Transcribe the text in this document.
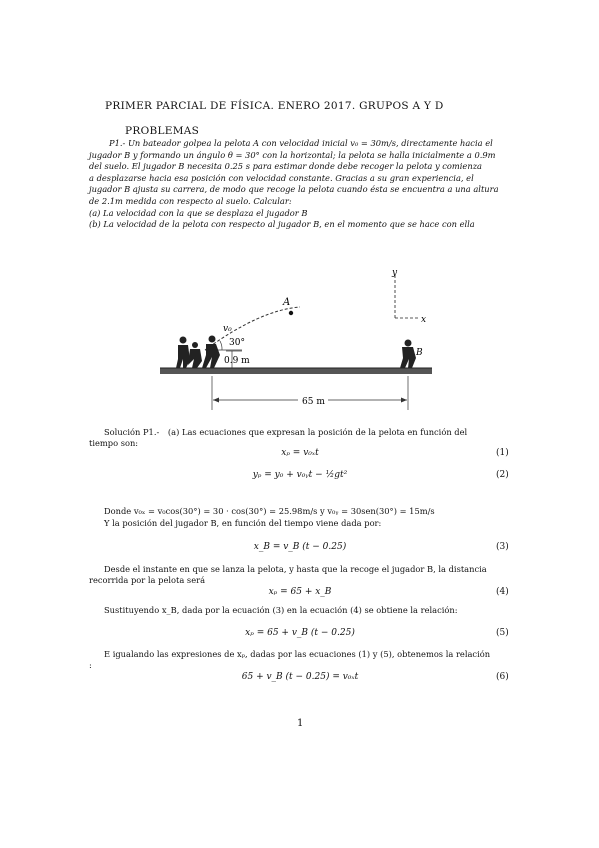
PRIMER PARCIAL DE FÍSICA. ENERO 2017. GRUPOS A Y D
PROBLEMAS
P1.- Un bateador golpea la pelota A con velocidad inicial v₀ = 30m/s, directamente hacia el
jugador B y formando un ángulo θ = 30° con la horizontal; la pelota se halla inicialmente a 0.9m
del suelo. El jugador B necesita 0.25 s para estimar donde debe recoger la pelota y comienza
a desplazarse hacia esa posición con velocidad constante. Gracias a su gran experiencia, el
jugador B ajusta su carrera, de modo que recoge la pelota cuando ésta se encuentra a una altura
de 2.1m medida con respecto al suelo. Calcular:
(a) La velocidad con la que se desplaza el jugador B
(b) La velocidad de la pelota con respecto al jugador B, en el momento que se hace con ella
A
v₀
30°
0.9 m
B
y
x
65 m
Solución P1.- (a) Las ecuaciones que expresan la posición de la pelota en función del
tiempo son:
xₚ = v₀ₓt	(1)
yₚ = y₀ + v₀ᵧt − ½gt²	(2)
Donde v₀ₓ = v₀cos(30°) = 30 · cos(30°) = 25.98m/s y v₀ᵧ = 30sen(30°) = 15m/s
Y la posición del jugador B, en función del tiempo viene dada por:
x_B = v_B (t − 0.25)	(3)
Desde el instante en que se lanza la pelota, y hasta que la recoge el jugador B, la distancia
recorrida por la pelota será
xₚ = 65 + x_B	(4)
Sustituyendo x_B, dada por la ecuación (3) en la ecuación (4) se obtiene la relación:
xₚ = 65 + v_B (t − 0.25)	(5)
E igualando las expresiones de xₚ, dadas por las ecuaciones (1) y (5), obtenemos la relación
:
65 + v_B (t − 0.25) = v₀ₓt	(6)
1
